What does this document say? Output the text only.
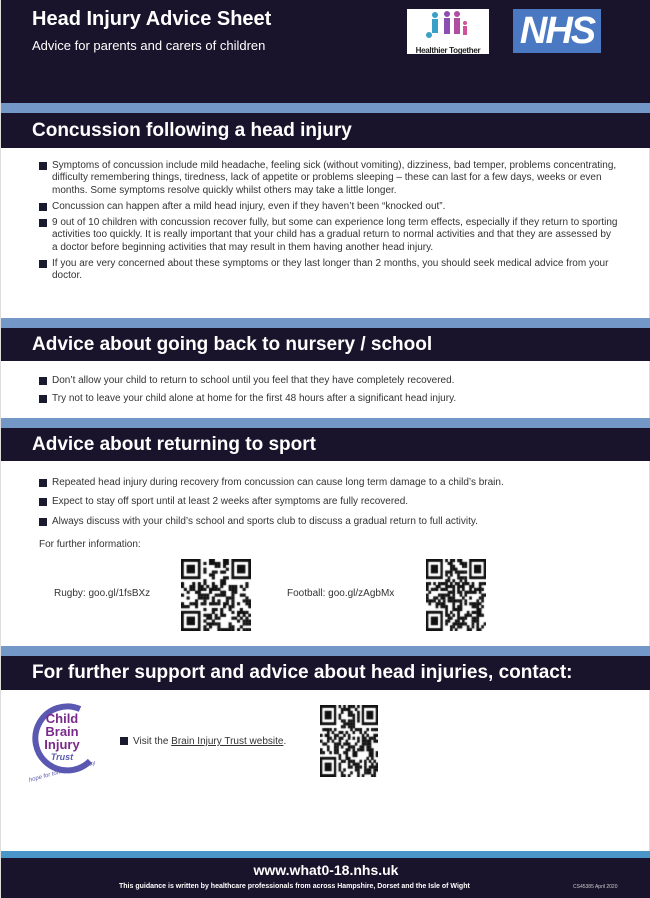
Head Injury Advice Sheet
Advice for parents and carers of children	Healthier Together NHS
Concussion following a head injury
Symptoms of concussion include mild headache, feeling sick (without vomiting), dizziness, bad temper, problems concentrating, difficulty remembering things, tiredness, lack of appetite or problems sleeping – these can last for a few days, weeks or even months. Some symptoms resolve quickly whilst others may take a little longer.
Concussion can happen after a mild head injury, even if they haven’t been “knocked out”.
9 out of 10 children with concussion recover fully, but some can experience long term effects, especially if they return to sporting activities too quickly. It is really important that your child has a gradual return to normal activities and that they are assessed by a doctor before beginning activities that may result in them having another head injury.
If you are very concerned about these symptoms or they last longer than 2 months, you should seek medical advice from your doctor.
Advice about going back to nursery / school
Don’t allow your child to return to school until you feel that they have completely recovered.
Try not to leave your child alone at home for the first 48 hours after a significant head injury.
Advice about returning to sport
Repeated head injury during recovery from concussion can cause long term damage to a child’s brain.
Expect to stay off sport until at least 2 weeks after symptoms are fully recovered.
Always discuss with your child’s school and sports club to discuss a gradual return to full activity.
For further information:
Rugby: goo.gl/1fsBXz	Football: goo.gl/zAgbMx
For further support and advice about head injuries, contact:
Child
Brain
Injury
Trust
hope for tomorrow - today
Visit the Brain Injury Trust website.
www.what0-18.nhs.uk
This guidance is written by healthcare professionals from across Hampshire, Dorset and the Isle of Wight	CS45385 April 2020
